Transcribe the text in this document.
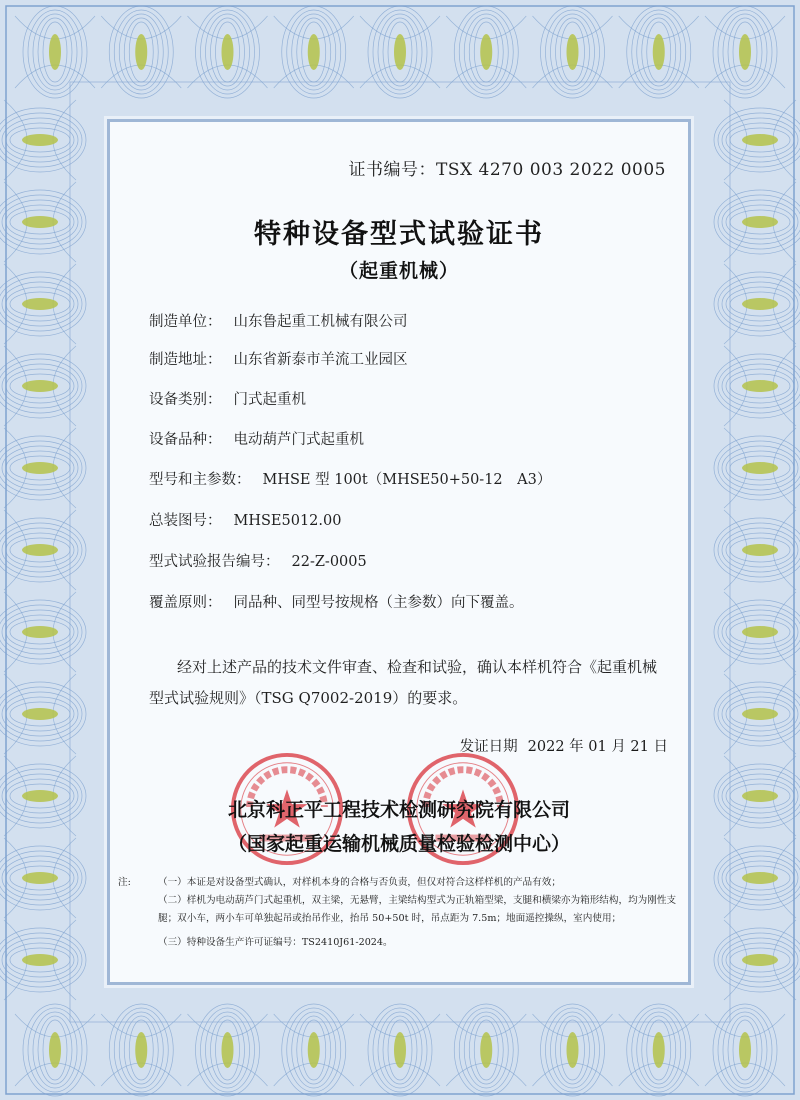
证书编号：TSX 4270 003 2022 0005
特种设备型式试验证书
（起重机械）
制造单位： 山东鲁起重工机械有限公司
制造地址： 山东省新泰市羊流工业园区
设备类别： 门式起重机
设备品种： 电动葫芦门式起重机
型号和主参数： MHSE 型 100t（MHSE50+50-12　A3）
总装图号： MHSE5012.00
型式试验报告编号： 22-Z-0005
覆盖原则： 同品种、同型号按规格（主参数）向下覆盖。
经对上述产品的技术文件审查、检查和试验，确认本样机符合《起重机械型式试验规则》（TSG Q7002-2019）的要求。
发证日期 2022 年 01 月 21 日
北京科正平工程技术检测研究院有限公司
（国家起重运输机械质量检验检测中心）
注:	（一）本证是对设备型式确认，对样机本身的合格与否负责，但仅对符合这样样机的产品有效；
（二）样机为电动葫芦门式起重机，双主梁，无悬臂，主梁结构型式为正轨箱型梁，支腿和横梁亦为箱形结构，均为刚性支腿；双小车，两小车可单独起吊或抬吊作业，抬吊 50+50t 时，吊点距为 7.5m；地面遥控操纵，室内使用；
（三）特种设备生产许可证编号：TS2410J61-2024。
